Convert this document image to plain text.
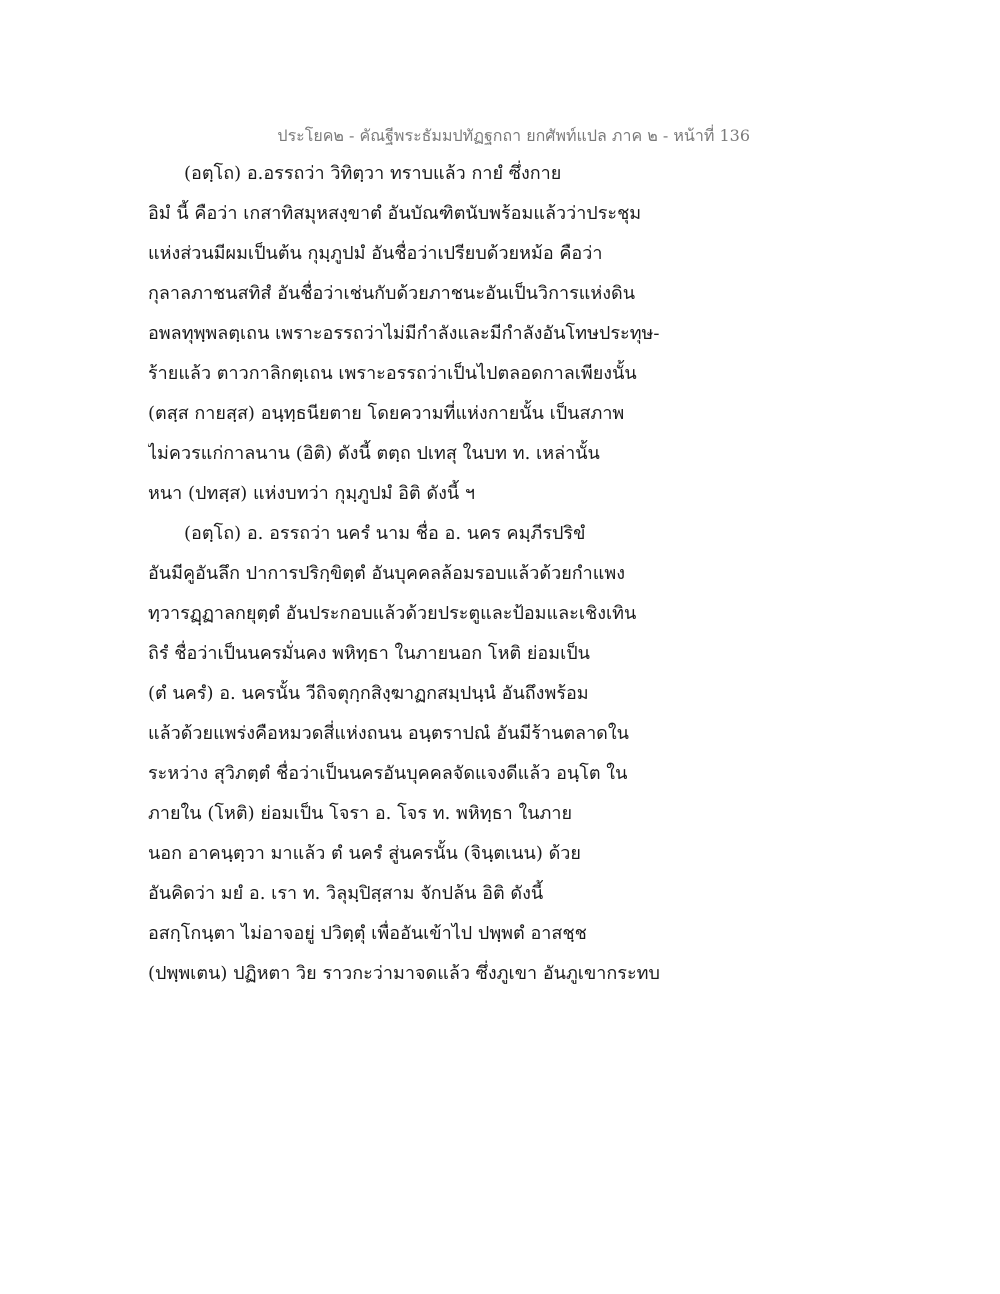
ประโยค๒ - คัณฐีพระธัมมปทัฏฐกถา ยกศัพท์แปล ภาค ๒ - หน้าที่ 136
(อตฺโถ) อ.อรรถว่า วิทิตฺวา ทราบแล้ว กายํ ซึ่งกาย
อิมํ นี้ คือว่า เกสาทิสมุหสงฺขาตํ อันบัณฑิตนับพร้อมแล้วว่าประชุม
แห่งส่วนมีผมเป็นต้น กุมฺภูปมํ อันชื่อว่าเปรียบด้วยหม้อ คือว่า
กุลาลภาชนสทิสํ อันชื่อว่าเช่นกับด้วยภาชนะอันเป็นวิการแห่งดิน
อพลทุพฺพลตฺเถน เพราะอรรถว่าไม่มีกำลังและมีกำลังอันโทษประทุษ-
ร้ายแล้ว ตาวกาลิกตฺเถน เพราะอรรถว่าเป็นไปตลอดกาลเพียงนั้น
(ตสฺส กายสฺส) อนฺทฺธนียตาย โดยความที่แห่งกายนั้น เป็นสภาพ
ไม่ควรแก่กาลนาน (อิติ) ดังนี้ ตตฺถ ปเทสุ ในบท ท. เหล่านั้น
หนา (ปทสฺส) แห่งบทว่า กุมฺภูปมํ อิติ ดังนี้ ฯ
(อตฺโถ) อ. อรรถว่า นครํ นาม ชื่อ อ. นคร คมฺภีรปริขํ
อันมีคูอันลึก ปาการปริกฺขิตฺตํ อันบุคคลล้อมรอบแล้วด้วยกำแพง
ทฺวารฏฺฏาลกยุตฺตํ อันประกอบแล้วด้วยประตูและป้อมและเชิงเทิน
ถิรํ ชื่อว่าเป็นนครมั่นคง พหิทฺธา ในภายนอก โหติ ย่อมเป็น
(ตํ นครํ) อ. นครนั้น วีถิจตุกฺกสิงฺฆาฏกสมฺปนฺนํ อันถึงพร้อม
แล้วด้วยแพร่งคือหมวดสี่แห่งถนน อนฺตราปณํ อันมีร้านตลาดใน
ระหว่าง สุวิภตฺตํ ชื่อว่าเป็นนครอันบุคคลจัดแจงดีแล้ว อนฺโต ใน
ภายใน (โหติ) ย่อมเป็น โจรา อ. โจร ท. พหิทฺธา ในภาย
นอก อาคนฺตฺวา มาแล้ว ตํ นครํ สู่นครนั้น (จินฺตเนน) ด้วย
อันคิดว่า มยํ อ. เรา ท. วิลุมฺปิสฺสาม จักปล้น อิติ ดังนี้
อสกฺโกนฺตา ไม่อาจอยู่ ปวิตฺตุํ เพื่ออันเข้าไป ปพฺพตํ อาสชฺช
(ปพฺพเตน) ปฏิหตา วิย ราวกะว่ามาจดแล้ว ซึ่งภูเขา อันภูเขากระทบ
